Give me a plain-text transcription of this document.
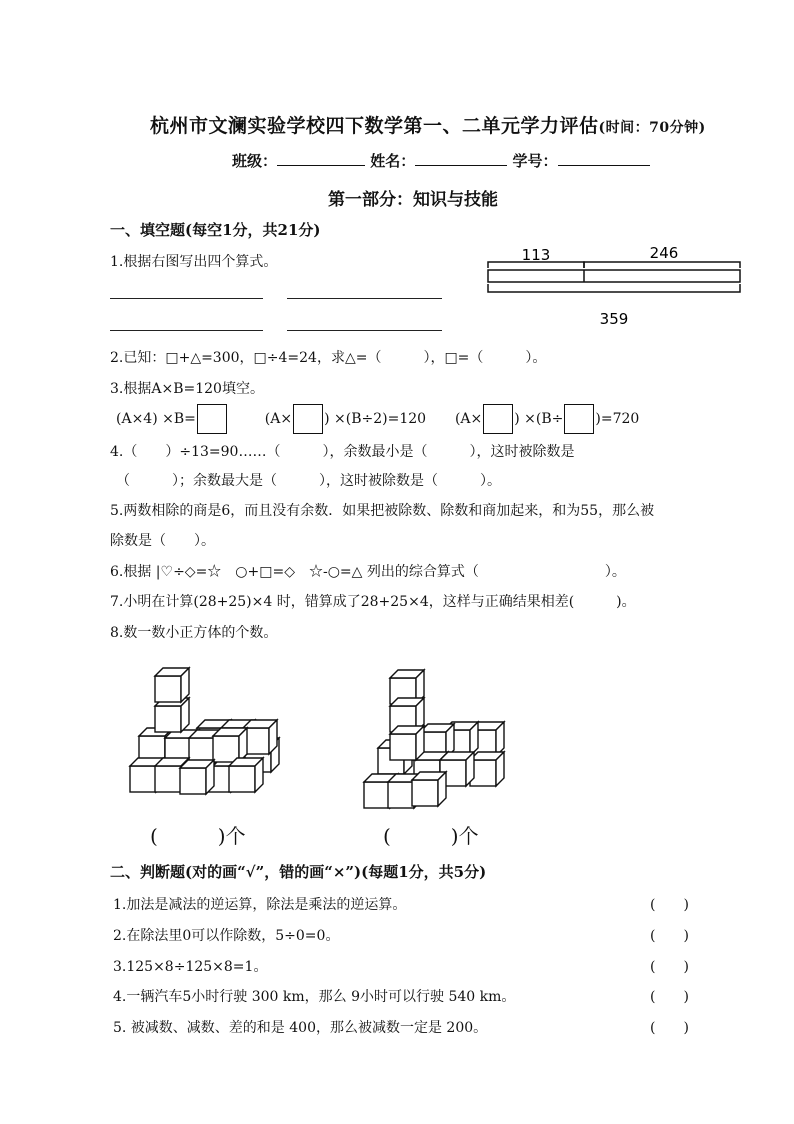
杭州市文澜实验学校四下数学第一、二单元学力评估(时间：70分钟)
班级：	姓名：	学号：
第一部分：知识与技能
一、填空题(每空1分，共21分)
1.根据右图写出四个算式。	113	246
359
2.已知：□+△=300，□÷4=24，求△=（　　　），□=（　　　）。
3.根据A×B=120填空。
(A×4) ×B=	(A× ) ×(B÷2)=120 (A× ) ×(B÷ )=720
4.（　　）÷13=90……（　　　），余数最小是（　　　），这时被除数是
（　　　）；余数最大是（　　　），这时被除数是（　　　）。
5.两数相除的商是6，而且没有余数．如果把被除数、除数和商加起来，和为55，那么被
除数是（　　）。
6.根据 |♡÷◇=☆　○+□=◇　☆-○=△ 列出的综合算式（　　　　　　　　　）。
7.小明在计算(28+25)×4 时，错算成了28+25×4，这样与正确结果相差(　　　)。
8.数一数小正方体的个数。
(　　　)个	(　　　)个
二、判断题(对的画“√”，错的画“×”)(每题1分，共5分)
1.加法是减法的逆运算，除法是乘法的逆运算。	(　　)
2.在除法里0可以作除数，5÷0=0。	(　　)
3.125×8÷125×8=1。	(　　)
4.一辆汽车5小时行驶 300 km，那么 9小时可以行驶 540 km。	(　　)
5. 被减数、减数、差的和是 400，那么被减数一定是 200。	(　　)
